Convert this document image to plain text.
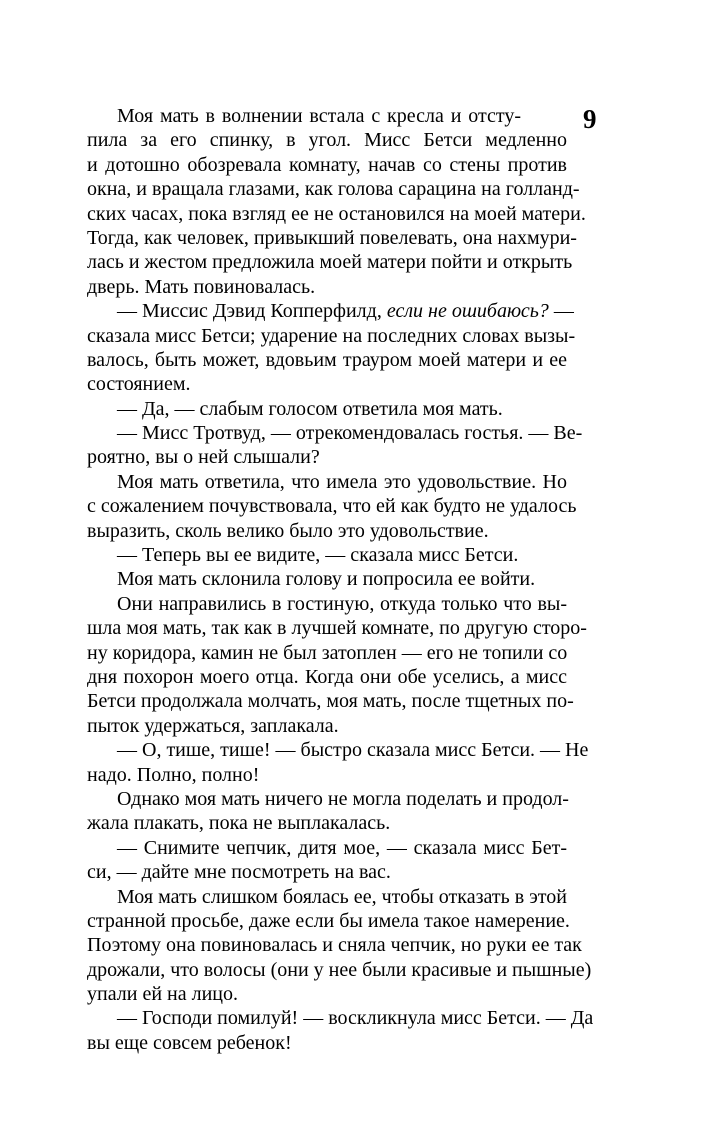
9
Моя мать в волнении встала с кресла и отсту-
пила за его спинку, в угол. Мисс Бетси медленно
и дотошно обозревала комнату, начав со стены против
окна, и вращала глазами, как голова сарацина на голланд-
ских часах, пока взгляд ее не остановился на моей матери.
Тогда, как человек, привыкший повелевать, она нахмури-
лась и жестом предложила моей матери пойти и открыть
дверь. Мать повиновалась.
— Миссис Дэвид Копперфилд, если не ошибаюсь? —
сказала мисс Бетси; ударение на последних словах вызы-
валось, быть может, вдовьим трауром моей матери и ее
состоянием.
— Да, — слабым голосом ответила моя мать.
— Мисс Тротвуд, — отрекомендовалась гостья. — Ве-
роятно, вы о ней слышали?
Моя мать ответила, что имела это удовольствие. Но
с сожалением почувствовала, что ей как будто не удалось
выразить, сколь велико было это удовольствие.
— Теперь вы ее видите, — сказала мисс Бетси.
Моя мать склонила голову и попросила ее войти.
Они направились в гостиную, откуда только что вы-
шла моя мать, так как в лучшей комнате, по другую сторо-
ну коридора, камин не был затоплен — его не топили со
дня похорон моего отца. Когда они обе уселись, а мисс
Бетси продолжала молчать, моя мать, после тщетных по-
пыток удержаться, заплакала.
— О, тише, тише! — быстро сказала мисс Бетси. — Не
надо. Полно, полно!
Однако моя мать ничего не могла поделать и продол-
жала плакать, пока не выплакалась.
— Снимите чепчик, дитя мое, — сказала мисс Бет-
си, — дайте мне посмотреть на вас.
Моя мать слишком боялась ее, чтобы отказать в этой
странной просьбе, даже если бы имела такое намерение.
Поэтому она повиновалась и сняла чепчик, но руки ее так
дрожали, что волосы (они у нее были красивые и пышные)
упали ей на лицо.
— Господи помилуй! — воскликнула мисс Бетси. — Да
вы еще совсем ребенок!
